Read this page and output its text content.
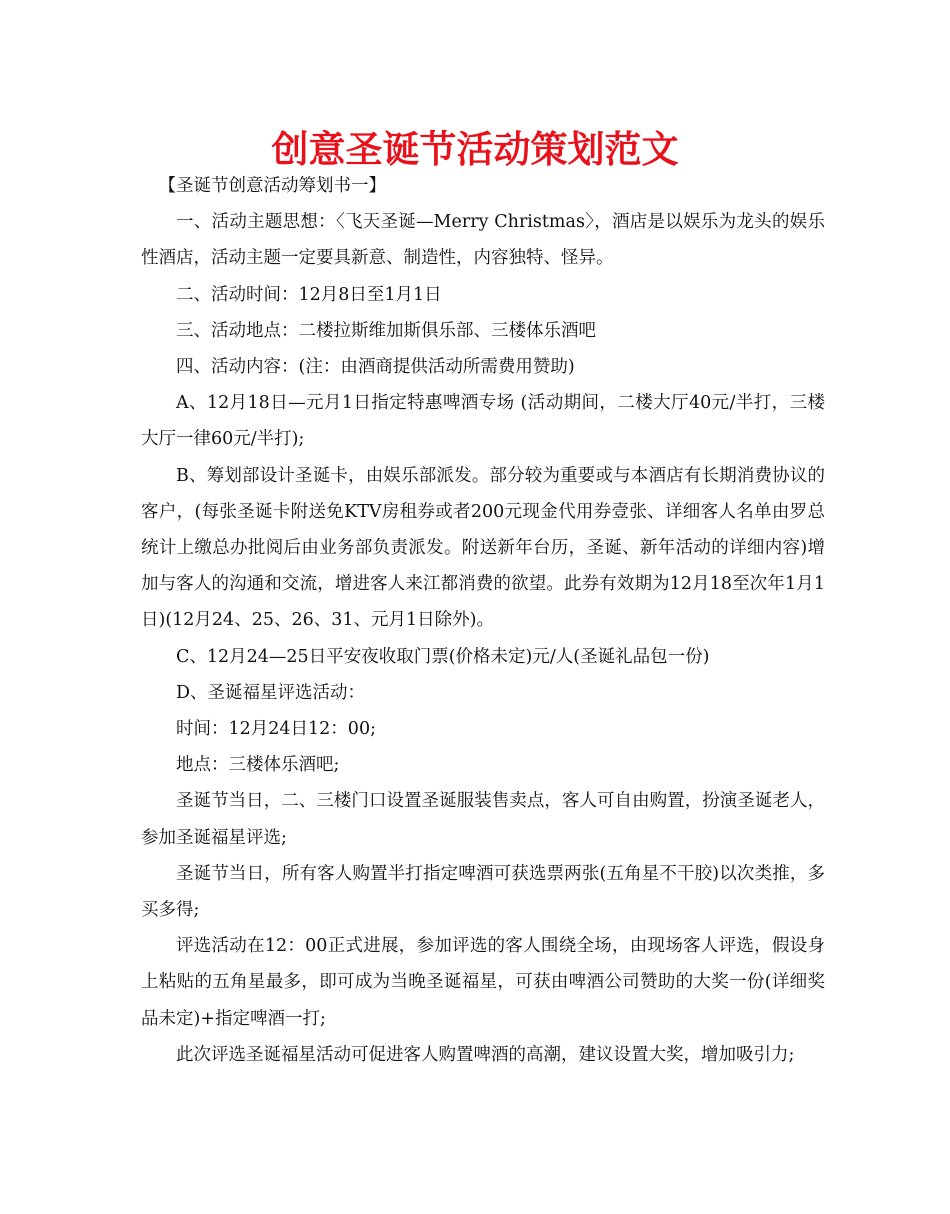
创意圣诞节活动策划范文

【圣诞节创意活动筹划书一】

一、活动主题思想：〈飞天圣诞—Merry Christmas〉，酒店是以娱乐为龙头的娱乐性酒店，活动主题一定要具新意、制造性，内容独特、怪异。

二、活动时间：12月8日至1月1日

三、活动地点：二楼拉斯维加斯俱乐部、三楼体乐酒吧

四、活动内容：(注：由酒商提供活动所需费用赞助)

A、12月18日—元月1日指定特惠啤酒专场 (活动期间，二楼大厅40元/半打，三楼大厅一律60元/半打);

B、筹划部设计圣诞卡，由娱乐部派发。部分较为重要或与本酒店有长期消费协议的客户，(每张圣诞卡附送免KTV房租券或者200元现金代用券壹张、详细客人名单由罗总统计上缴总办批阅后由业务部负责派发。附送新年台历，圣诞、新年活动的详细内容)增加与客人的沟通和交流，增进客人来江都消费的欲望。此券有效期为12月18至次年1月1日)(12月24、25、26、31、元月1日除外)。

C、12月24—25日平安夜收取门票(价格未定)元/人(圣诞礼品包一份)

D、圣诞福星评选活动：

时间：12月24日12：00;

地点：三楼体乐酒吧;

圣诞节当日，二、三楼门口设置圣诞服装售卖点，客人可自由购置，扮演圣诞老人，参加圣诞福星评选;

圣诞节当日，所有客人购置半打指定啤酒可获选票两张(五角星不干胶)以次类推，多买多得;

评选活动在12：00正式进展，参加评选的客人围绕全场，由现场客人评选，假设身上粘贴的五角星最多，即可成为当晚圣诞福星，可获由啤酒公司赞助的大奖一份(详细奖品未定)+指定啤酒一打;

此次评选圣诞福星活动可促进客人购置啤酒的高潮，建议设置大奖，增加吸引力;
